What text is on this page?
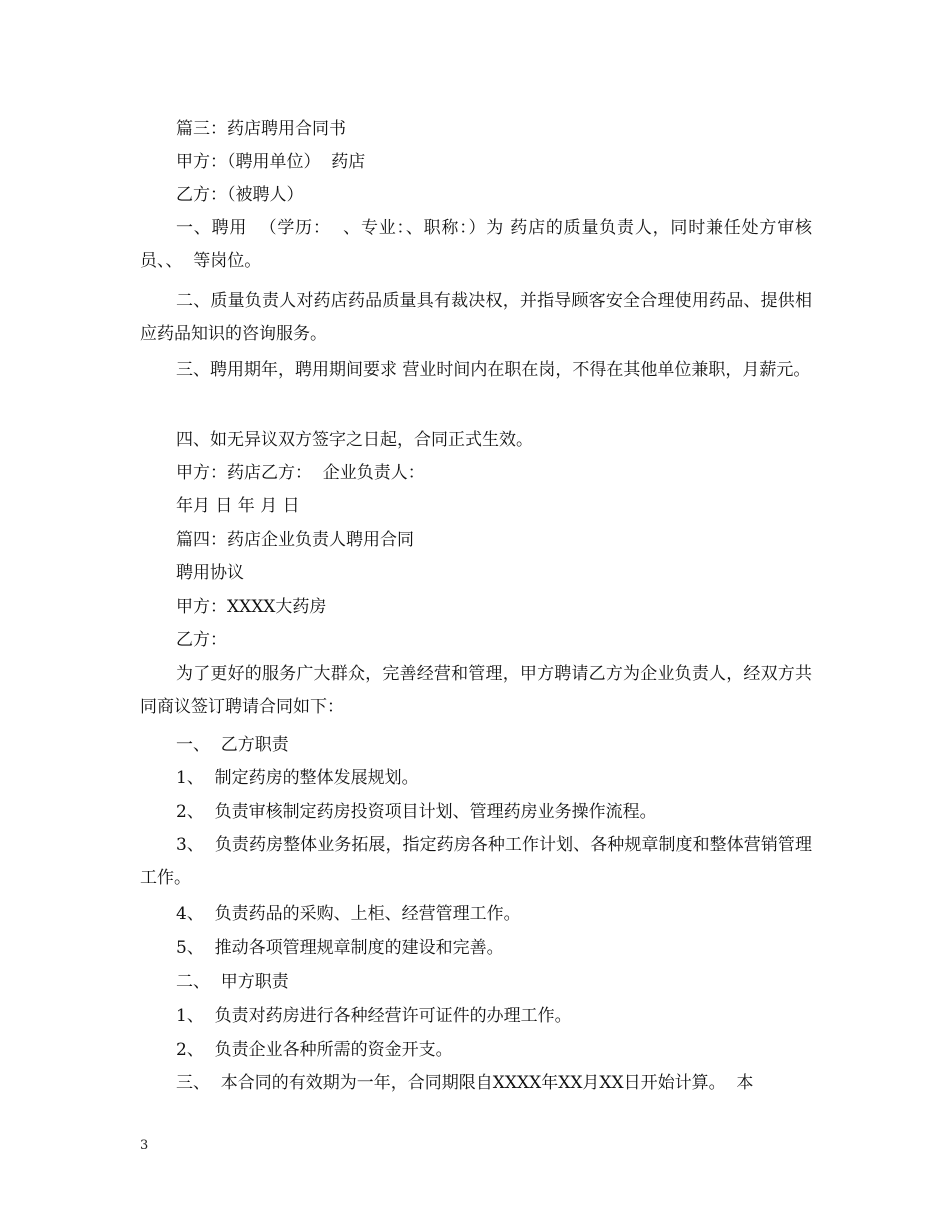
篇三：药店聘用合同书

甲方：（聘用单位）  药店

乙方：（被聘人）

一、聘用  （学历：  、专业：、职称：）为 药店的质量负责人，同时兼任处方审核员、、  等岗位。

二、质量负责人对药店药品质量具有裁决权，并指导顾客安全合理使用药品、提供相应药品知识的咨询服务。

三、聘用期年，聘用期间要求 营业时间内在职在岗，不得在其他单位兼职，月薪元。

四、如无异议双方签字之日起，合同正式生效。

甲方：药店乙方：  企业负责人：

年月 日 年 月 日

篇四：药店企业负责人聘用合同

聘用协议

甲方：XXXX大药房

乙方：

为了更好的服务广大群众，完善经营和管理，甲方聘请乙方为企业负责人，经双方共同商议签订聘请合同如下：

一、  乙方职责

1、  制定药房的整体发展规划。

2、  负责审核制定药房投资项目计划、管理药房业务操作流程。

3、  负责药房整体业务拓展，指定药房各种工作计划、各种规章制度和整体营销管理工作。

4、  负责药品的采购、上柜、经营管理工作。

5、  推动各项管理规章制度的建设和完善。

二、  甲方职责

1、  负责对药房进行各种经营许可证件的办理工作。

2、  负责企业各种所需的资金开支。

三、  本合同的有效期为一年，合同期限自XXXX年XX月XX日开始计算。  本

3
